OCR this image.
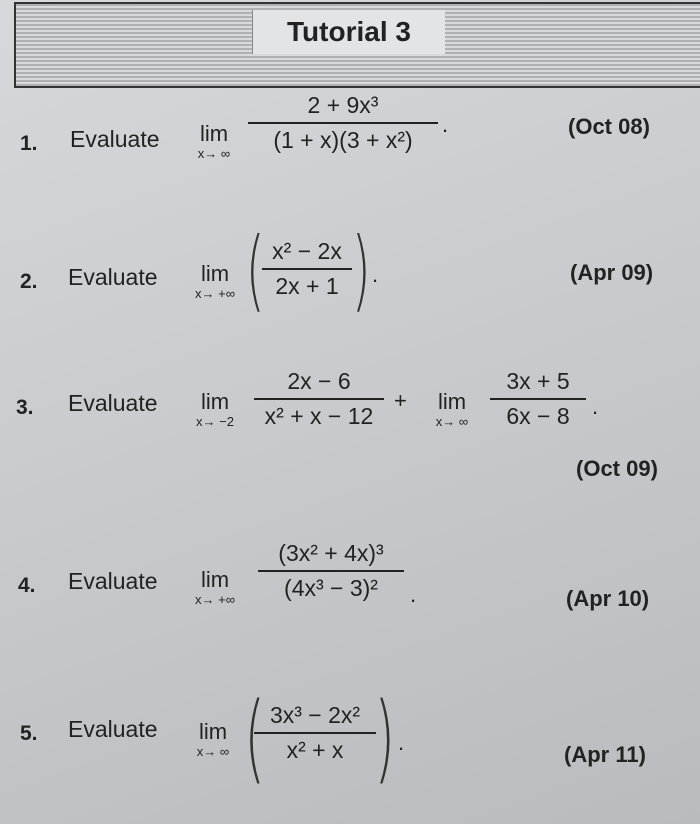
Tutorial 3
1. Evaluate	lim
x→ ∞
2 + 9x³
(1 + x)(3 + x²)
.	(Oct 08)
2. Evaluate	lim
x→ +∞ ( x² − 2x
2x + 1 ) .	(Apr 09)
3. Evaluate	lim
x→ −2
2x − 6
x² + x − 12
+	lim
x→ ∞
3x + 5
6x − 8	.
(Oct 09)
4. Evaluate	lim
x→ +∞
(3x² + 4x)³
(4x³ − 3)²	.	(Apr 10)
5. Evaluate	lim
x→ ∞ ( 3x³ − 2x²
x² + x ) .	(Apr 11)
